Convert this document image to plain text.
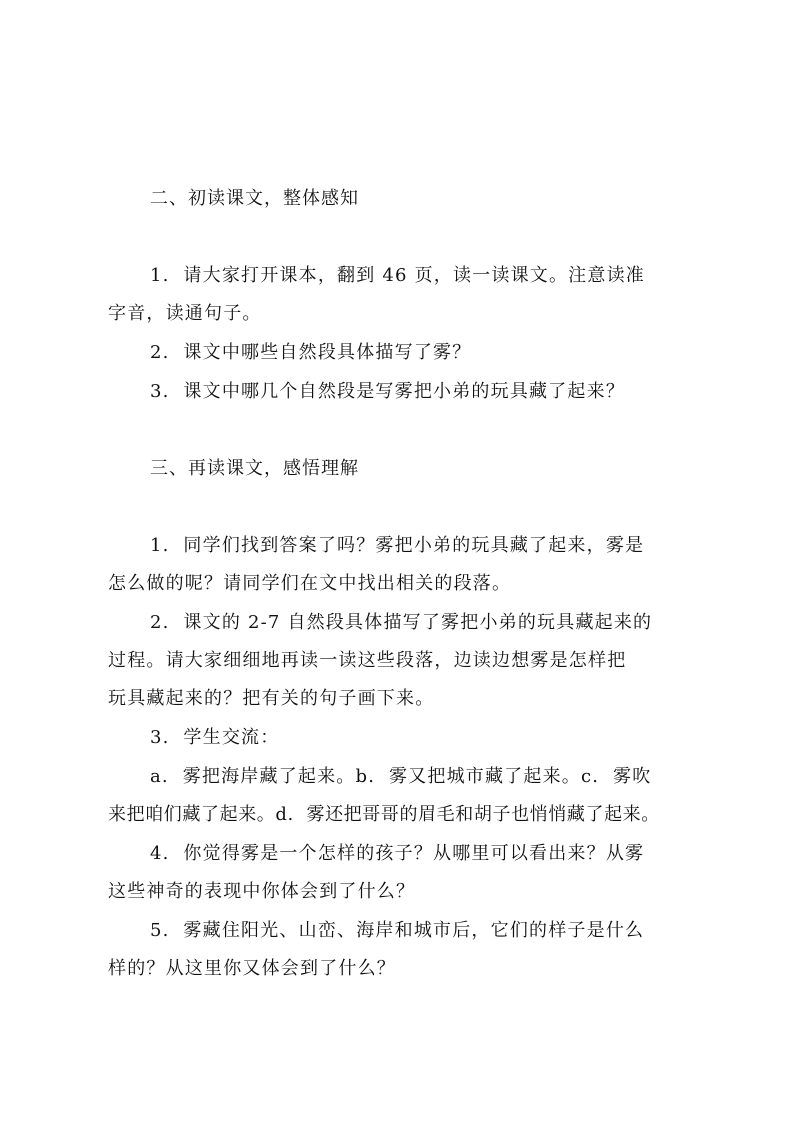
二、初读课文，整体感知
1.  请大家打开课本，翻到 46 页，读一读课文。注意读准
字音，读通句子。
2.  课文中哪些自然段具体描写了雾？
3.  课文中哪几个自然段是写雾把小弟的玩具藏了起来？
三、再读课文，感悟理解
1.  同学们找到答案了吗？雾把小弟的玩具藏了起来，雾是
怎么做的呢？请同学们在文中找出相关的段落。
2.  课文的 2-7 自然段具体描写了雾把小弟的玩具藏起来的
过程。请大家细细地再读一读这些段落，边读边想雾是怎样把
玩具藏起来的？把有关的句子画下来。
3.  学生交流：
a.  雾把海岸藏了起来。b.  雾又把城市藏了起来。c.  雾吹
来把咱们藏了起来。d.  雾还把哥哥的眉毛和胡子也悄悄藏了起来。
4.  你觉得雾是一个怎样的孩子？从哪里可以看出来？从雾
这些神奇的表现中你体会到了什么？
5.  雾藏住阳光、山峦、海岸和城市后，它们的样子是什么
样的？从这里你又体会到了什么？
